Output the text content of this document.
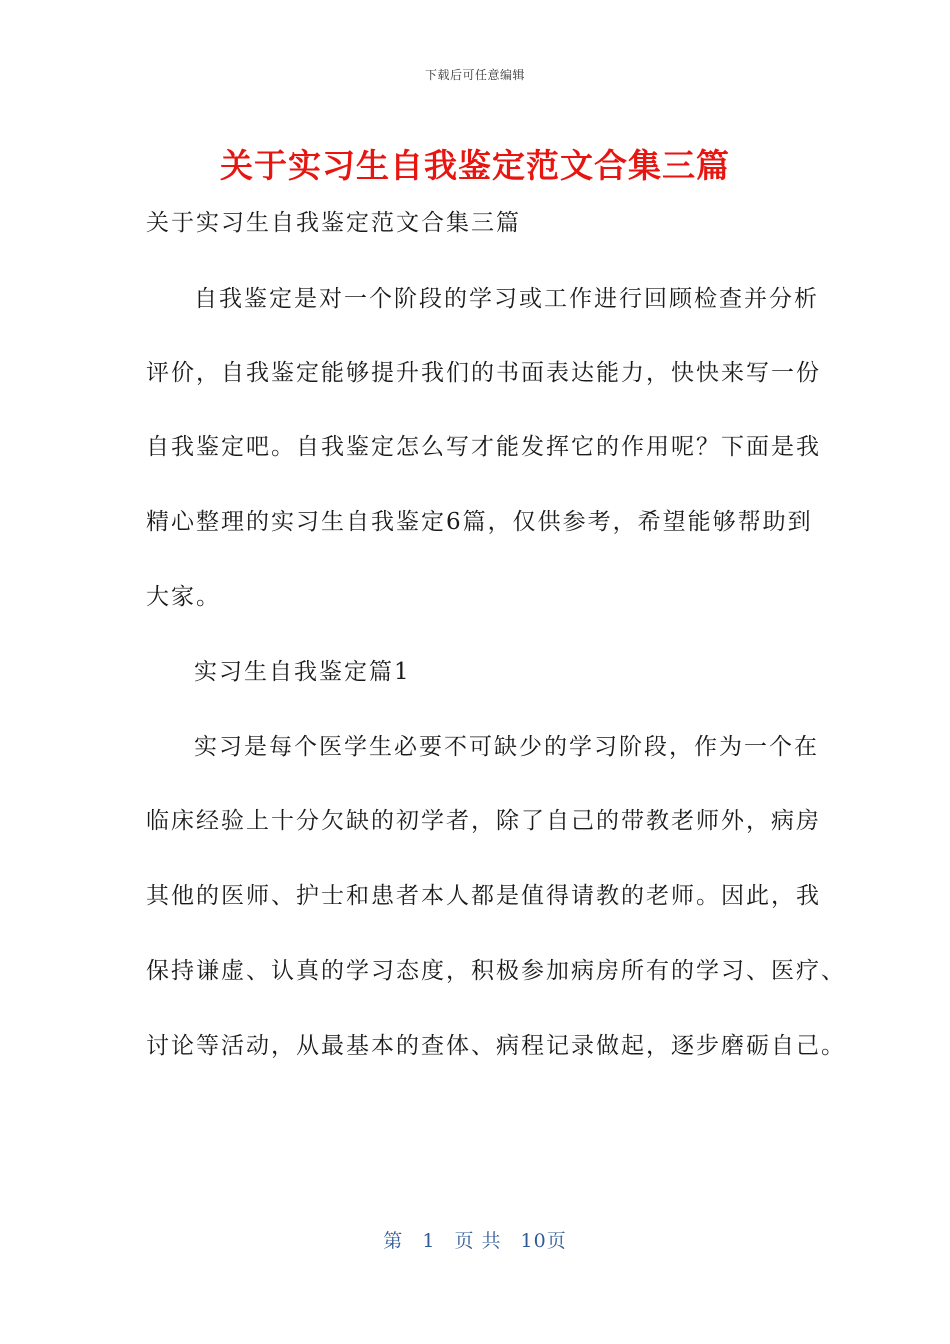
下载后可任意编辑
关于实习生自我鉴定范文合集三篇
关于实习生自我鉴定范文合集三篇
自我鉴定是对一个阶段的学习或工作进行回顾检查并分析
评价，自我鉴定能够提升我们的书面表达能力，快快来写一份
自我鉴定吧。自我鉴定怎么写才能发挥它的作用呢？下面是我
精心整理的实习生自我鉴定6篇，仅供参考，希望能够帮助到
大家。
实习生自我鉴定篇1
实习是每个医学生必要不可缺少的学习阶段，作为一个在
临床经验上十分欠缺的初学者，除了自己的带教老师外，病房
其他的医师、护士和患者本人都是值得请教的老师。因此，我
保持谦虚、认真的学习态度，积极参加病房所有的学习、医疗、
讨论等活动，从最基本的查体、病程记录做起，逐步磨砺自己。
第 1 页 共 10页
